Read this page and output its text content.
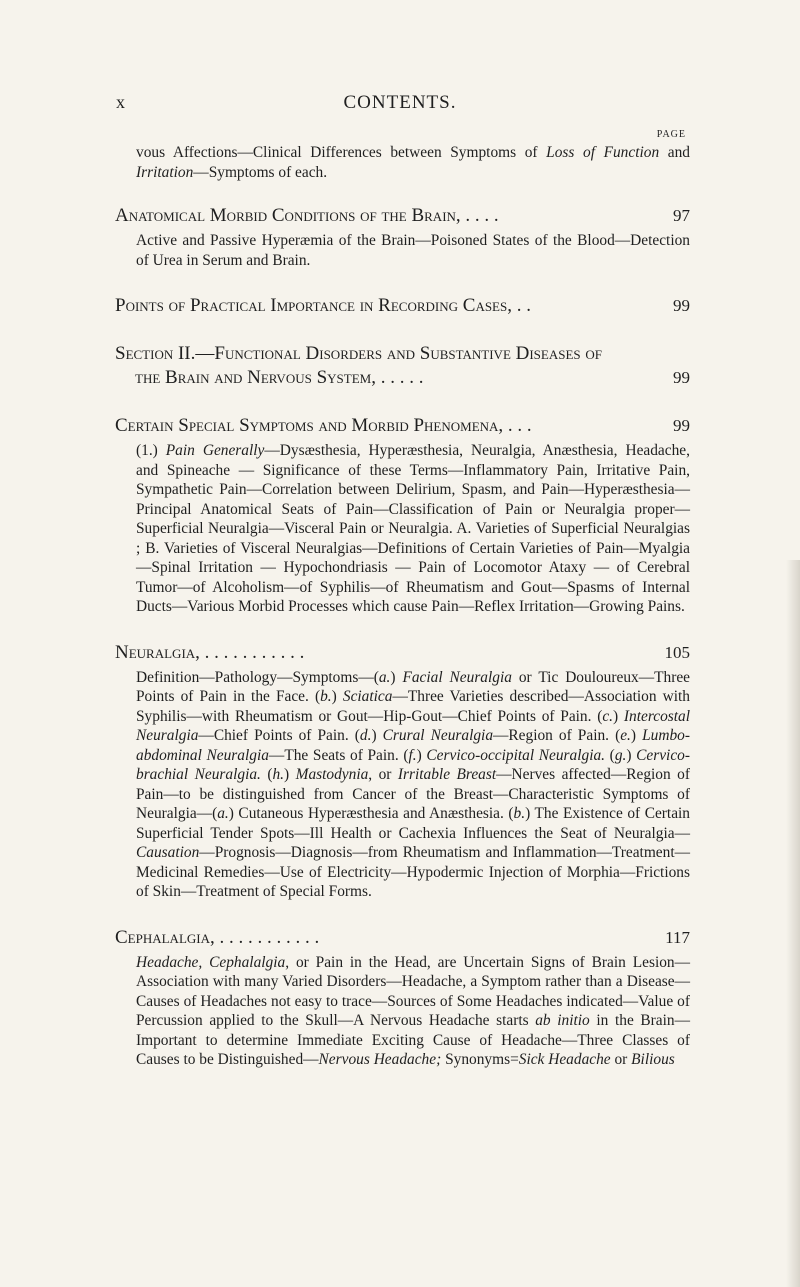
x	CONTENTS.
PAGE

vous Affections—Clinical Differences between Symptoms of Loss of Function and Irritation—Symptoms of each.

Anatomical Morbid Conditions of the Brain, . . . .	97

Active and Passive Hyperæmia of the Brain—Poisoned States of the Blood—Detection of Urea in Serum and Brain.

Points of Practical Importance in Recording Cases, . .	99
Section II.—Functional Disorders and Substantive Diseases of
the Brain and Nervous System, . . . . .	99
Certain Special Symptoms and Morbid Phenomena, . . .	99

(1.) Pain Generally—Dysæsthesia, Hyperæsthesia, Neuralgia, Anæsthesia, Headache, and Spineache — Significance of these Terms—Inflammatory Pain, Irritative Pain, Sympathetic Pain—Correlation between Delirium, Spasm, and Pain—Hyperæsthesia—Principal Anatomical Seats of Pain—Classification of Pain or Neuralgia proper—Superficial Neuralgia—Visceral Pain or Neuralgia. A. Varieties of Superficial Neuralgias ; B. Varieties of Visceral Neuralgias—Definitions of Certain Varieties of Pain—Myalgia—Spinal Irritation — Hypochondriasis — Pain of Locomotor Ataxy — of Cerebral Tumor—of Alcoholism—of Syphilis—of Rheumatism and Gout—Spasms of Internal Ducts—Various Morbid Processes which cause Pain—Reflex Irritation—Growing Pains.

Neuralgia, . . . . . . . . . . .	105

Definition—Pathology—Symptoms—(a.) Facial Neuralgia or Tic Douloureux—Three Points of Pain in the Face. (b.) Sciatica—Three Varieties described—Association with Syphilis—with Rheumatism or Gout—Hip-Gout—Chief Points of Pain. (c.) Intercostal Neuralgia—Chief Points of Pain. (d.) Crural Neuralgia—Region of Pain. (e.) Lumbo-abdominal Neuralgia—The Seats of Pain. (f.) Cervico-occipital Neuralgia. (g.) Cervico-brachial Neuralgia. (h.) Mastodynia, or Irritable Breast—Nerves affected—Region of Pain—to be distinguished from Cancer of the Breast—Characteristic Symptoms of Neuralgia—(a.) Cutaneous Hyperæsthesia and Anæsthesia. (b.) The Existence of Certain Superficial Tender Spots—Ill Health or Cachexia Influences the Seat of Neuralgia—Causation—Prognosis—Diagnosis—from Rheumatism and Inflammation—Treatment—Medicinal Remedies—Use of Electricity—Hypodermic Injection of Morphia—Frictions of Skin—Treatment of Special Forms.

Cephalalgia, . . . . . . . . . . .	117

Headache, Cephalalgia, or Pain in the Head, are Uncertain Signs of Brain Lesion—Association with many Varied Disorders—Headache, a Symptom rather than a Disease—Causes of Headaches not easy to trace—Sources of Some Headaches indicated—Value of Percussion applied to the Skull—A Nervous Headache starts ab initio in the Brain—Important to determine Immediate Exciting Cause of Headache—Three Classes of Causes to be Distinguished—Nervous Headache; Synonyms=Sick Headache or Bilious
